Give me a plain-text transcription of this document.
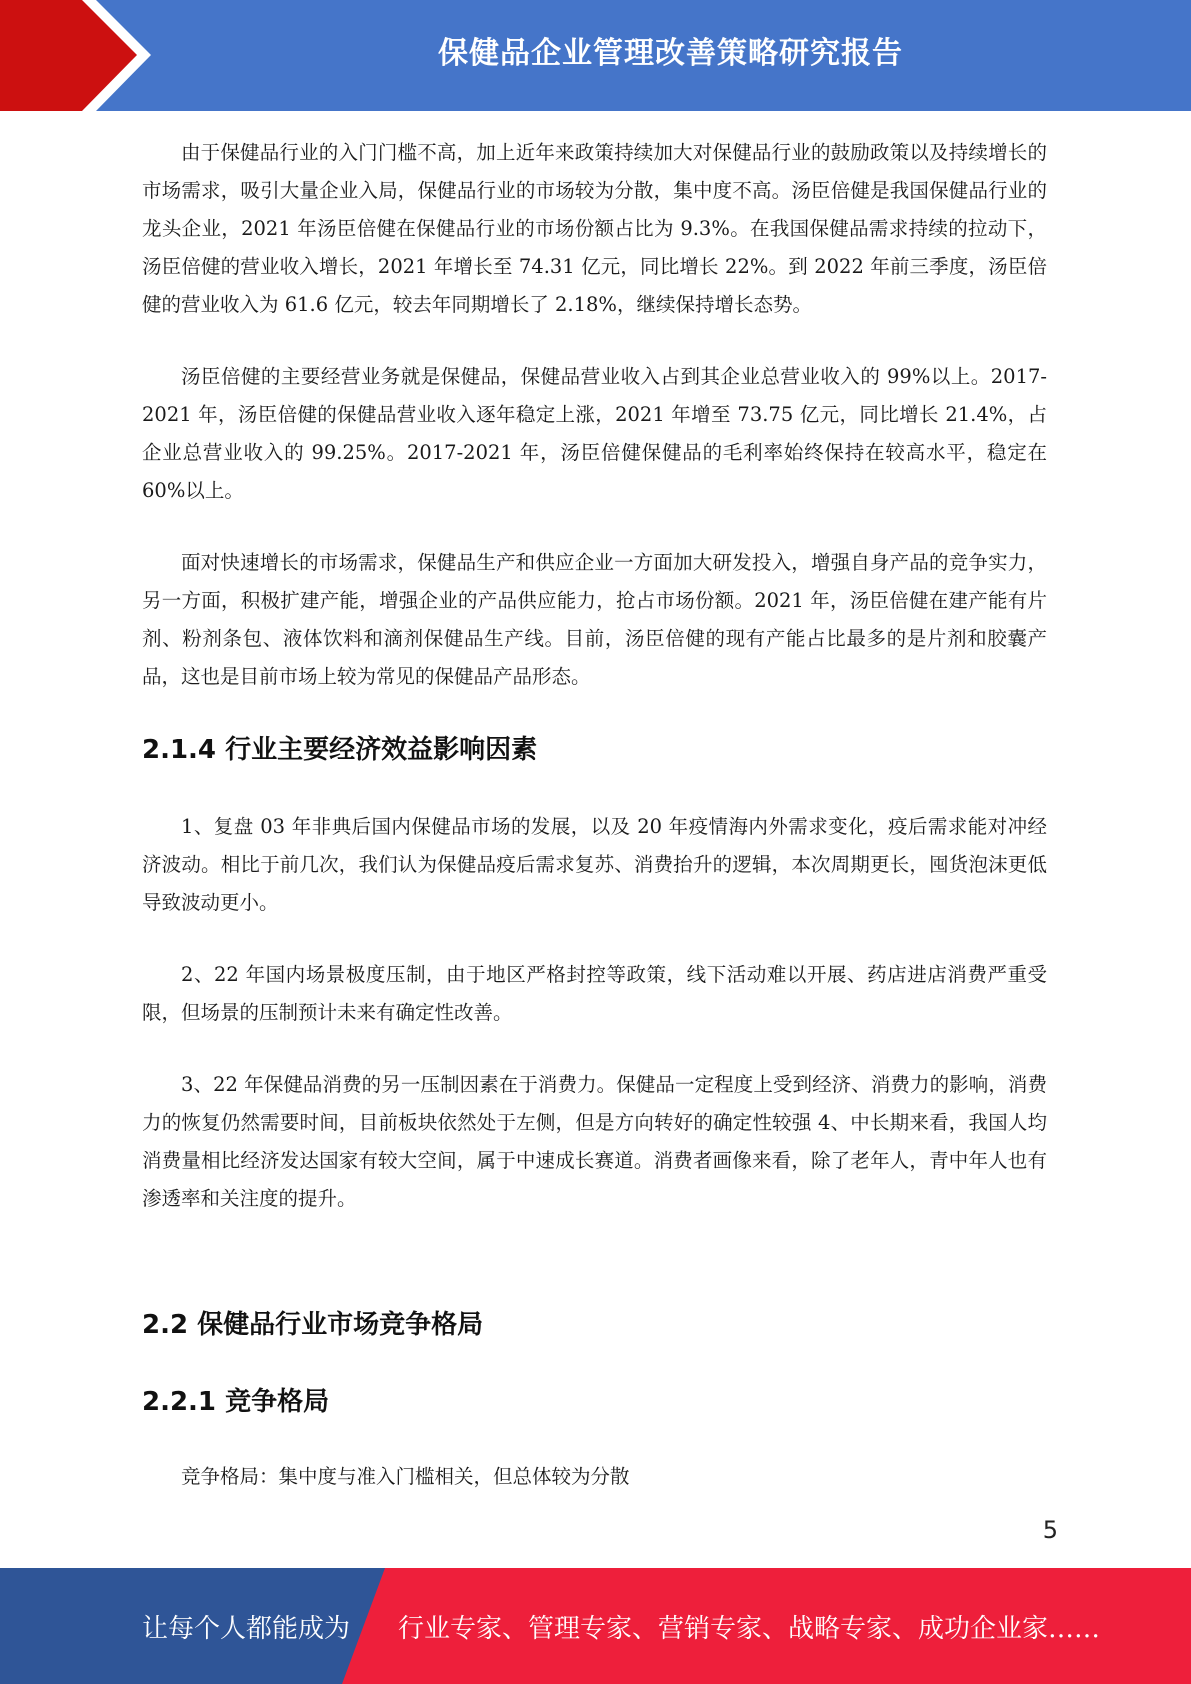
保健品企业管理改善策略研究报告

由于保健品行业的入门门槛不高，加上近年来政策持续加大对保健品行业的鼓励政策以及持续增长的市场需求，吸引大量企业入局，保健品行业的市场较为分散，集中度不高。汤臣倍健是我国保健品行业的龙头企业，2021 年汤臣倍健在保健品行业的市场份额占比为 9.3%。在我国保健品需求持续的拉动下，汤臣倍健的营业收入增长，2021 年增长至 74.31 亿元，同比增长 22%。到 2022 年前三季度，汤臣倍健的营业收入为 61.6 亿元，较去年同期增长了 2.18%，继续保持增长态势。

汤臣倍健的主要经营业务就是保健品，保健品营业收入占到其企业总营业收入的 99%以上。2017-2021 年，汤臣倍健的保健品营业收入逐年稳定上涨，2021 年增至 73.75 亿元，同比增长 21.4%，占企业总营业收入的 99.25%。2017-2021 年，汤臣倍健保健品的毛利率始终保持在较高水平，稳定在 60%以上。

面对快速增长的市场需求，保健品生产和供应企业一方面加大研发投入，增强自身产品的竞争实力，另一方面，积极扩建产能，增强企业的产品供应能力，抢占市场份额。2021 年，汤臣倍健在建产能有片剂、粉剂条包、液体饮料和滴剂保健品生产线。目前，汤臣倍健的现有产能占比最多的是片剂和胶囊产品，这也是目前市场上较为常见的保健品产品形态。

2.1.4 行业主要经济效益影响因素

1、复盘 03 年非典后国内保健品市场的发展，以及 20 年疫情海内外需求变化，疫后需求能对冲经济波动。相比于前几次，我们认为保健品疫后需求复苏、消费抬升的逻辑，本次周期更长，囤货泡沫更低导致波动更小。

2、22 年国内场景极度压制，由于地区严格封控等政策，线下活动难以开展、药店进店消费严重受限，但场景的压制预计未来有确定性改善。

3、22 年保健品消费的另一压制因素在于消费力。保健品一定程度上受到经济、消费力的影响，消费力的恢复仍然需要时间，目前板块依然处于左侧，但是方向转好的确定性较强 4、中长期来看，我国人均消费量相比经济发达国家有较大空间，属于中速成长赛道。消费者画像来看，除了老年人，青中年人也有渗透率和关注度的提升。

2.2 保健品行业市场竞争格局
2.2.1 竞争格局

竞争格局：集中度与准入门槛相关，但总体较为分散

5
让每个人都能成为 行业专家、管理专家、营销专家、战略专家、成功企业家……
